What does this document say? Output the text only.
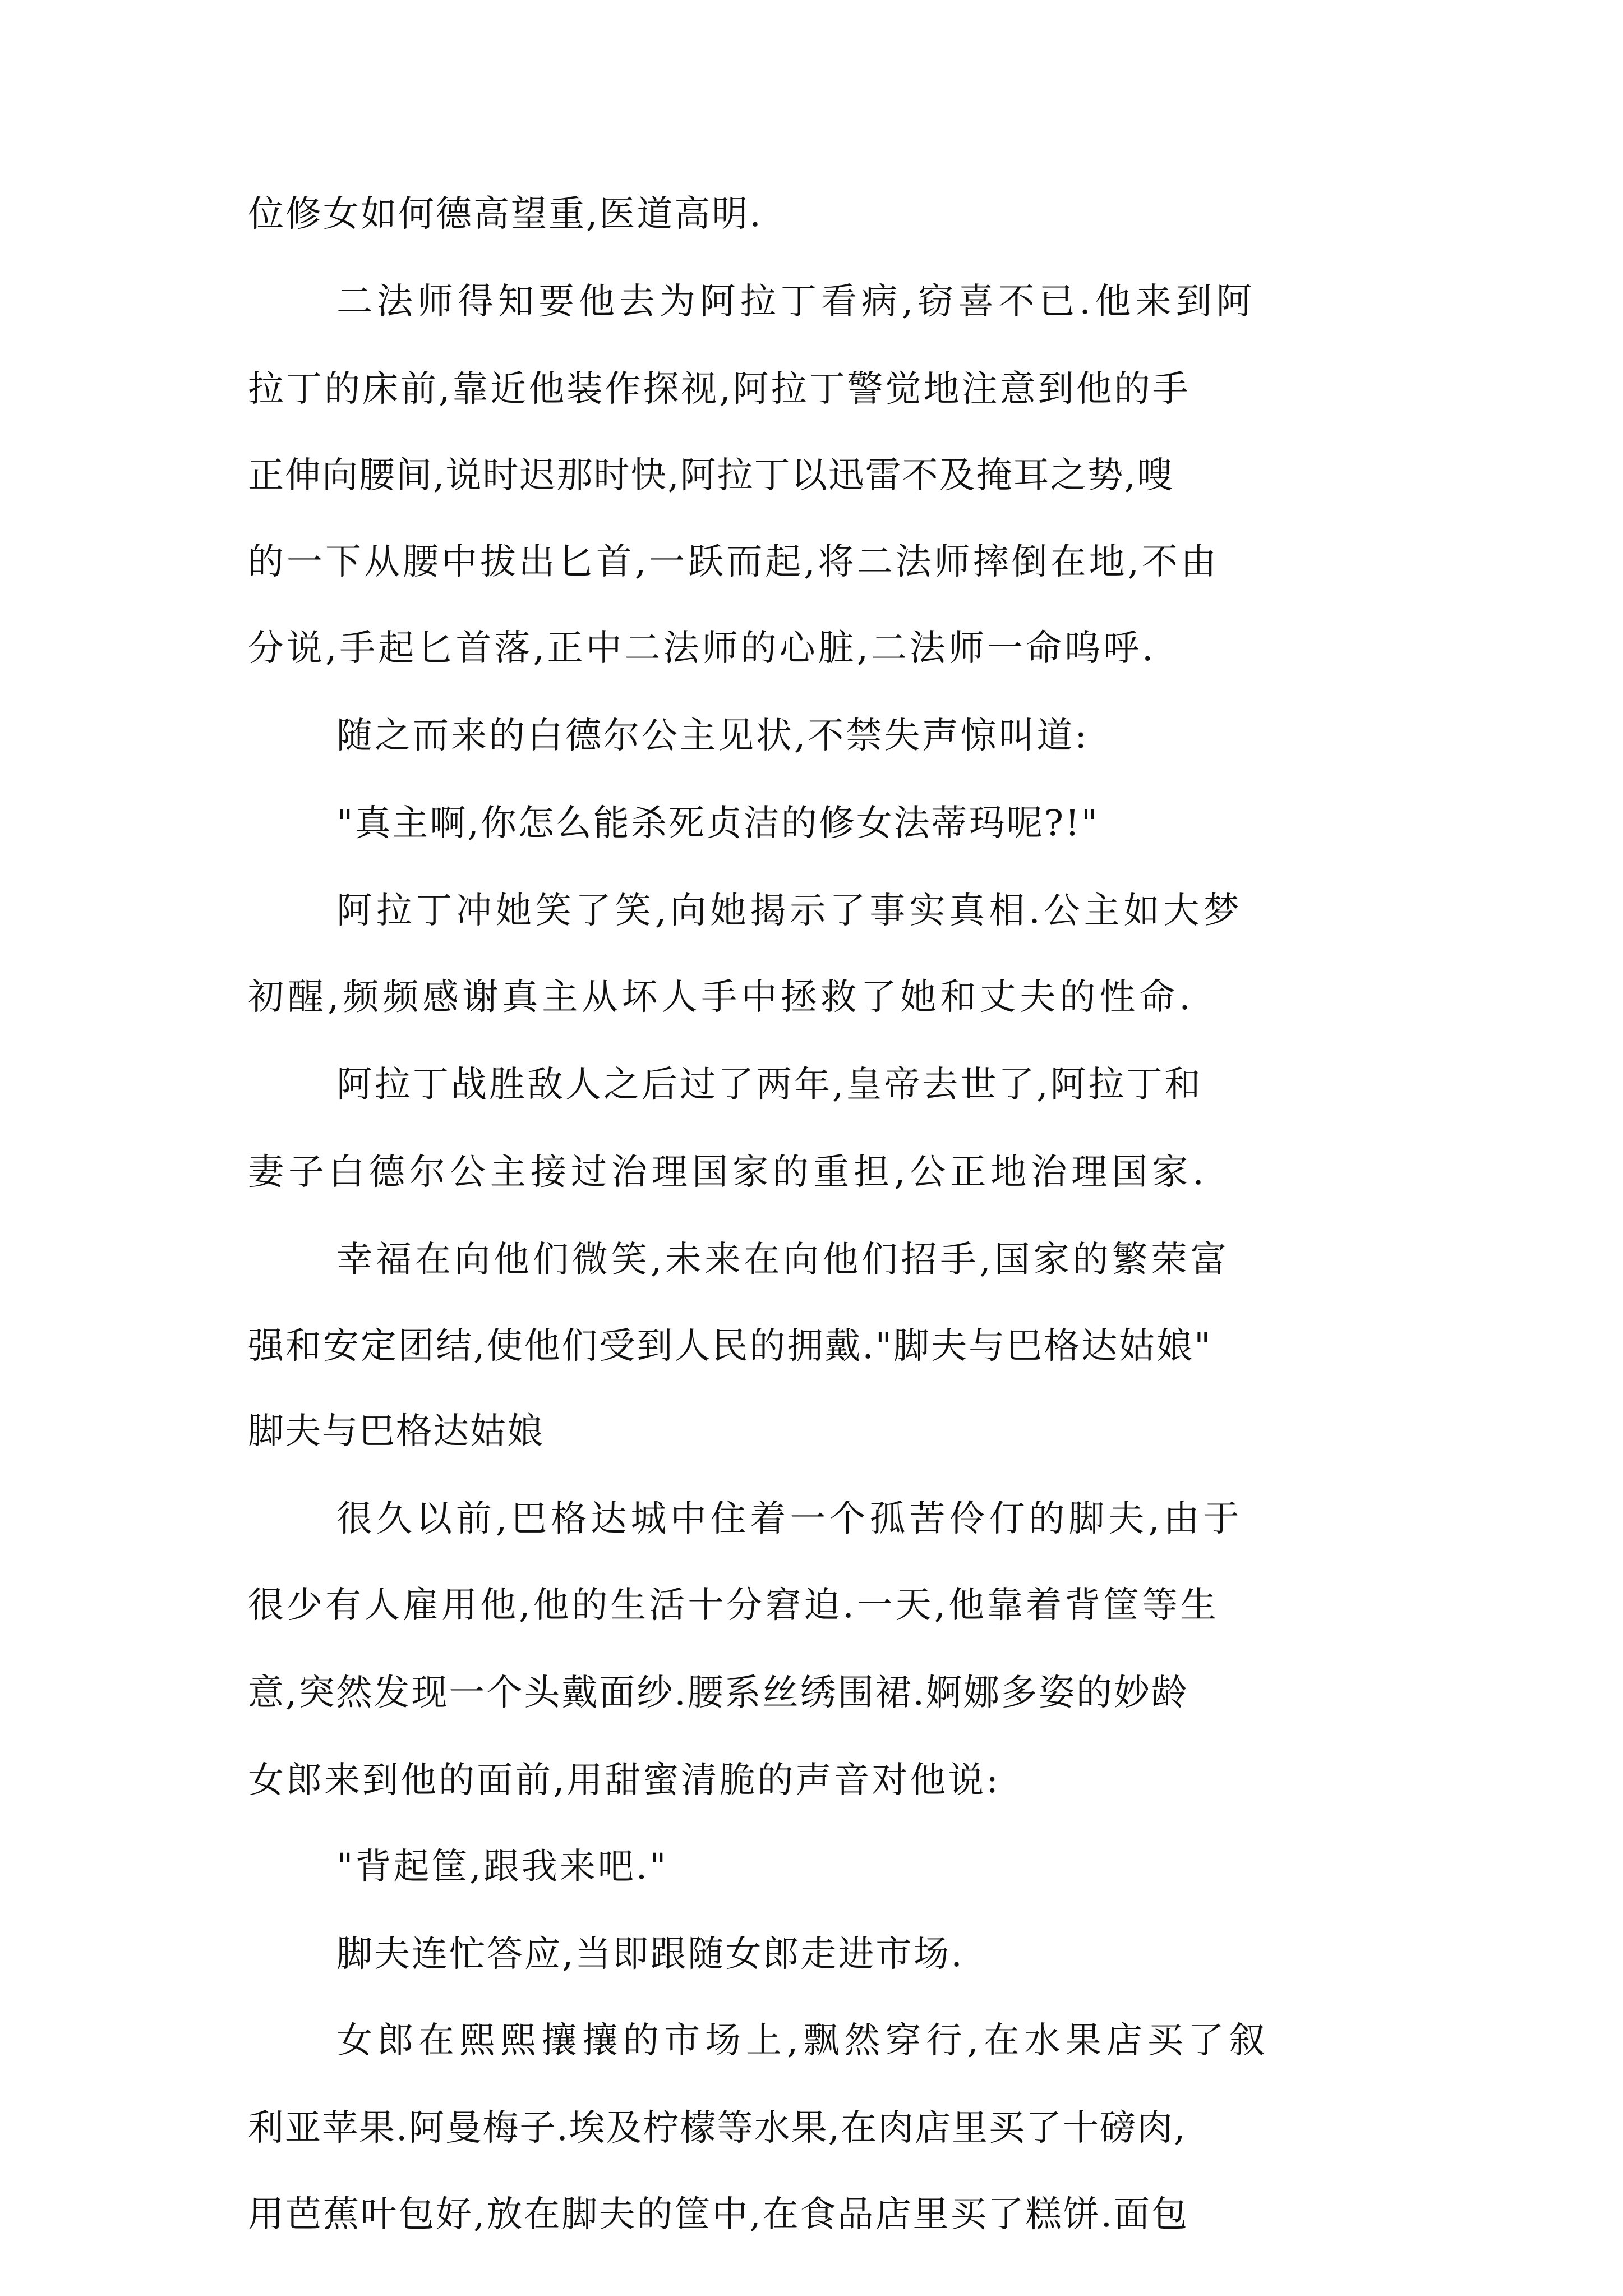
位修女如何德高望重,医道高明.
二法师得知要他去为阿拉丁看病,窃喜不已.他来到阿
拉丁的床前,靠近他装作探视,阿拉丁警觉地注意到他的手
正伸向腰间,说时迟那时快,阿拉丁以迅雷不及掩耳之势,嗖
的一下从腰中拔出匕首,一跃而起,将二法师摔倒在地,不由
分说,手起匕首落,正中二法师的心脏,二法师一命呜呼.
随之而来的白德尔公主见状,不禁失声惊叫道:
"真主啊,你怎么能杀死贞洁的修女法蒂玛呢?!"
阿拉丁冲她笑了笑,向她揭示了事实真相.公主如大梦
初醒,频频感谢真主从坏人手中拯救了她和丈夫的性命.
阿拉丁战胜敌人之后过了两年,皇帝去世了,阿拉丁和
妻子白德尔公主接过治理国家的重担,公正地治理国家.
幸福在向他们微笑,未来在向他们招手,国家的繁荣富
强和安定团结,使他们受到人民的拥戴."脚夫与巴格达姑娘"
脚夫与巴格达姑娘
很久以前,巴格达城中住着一个孤苦伶仃的脚夫,由于
很少有人雇用他,他的生活十分窘迫.一天,他靠着背筐等生
意,突然发现一个头戴面纱.腰系丝绣围裙.婀娜多姿的妙龄
女郎来到他的面前,用甜蜜清脆的声音对他说:
"背起筐,跟我来吧."
脚夫连忙答应,当即跟随女郎走进市场.
女郎在熙熙攘攘的市场上,飘然穿行,在水果店买了叙
利亚苹果.阿曼梅子.埃及柠檬等水果,在肉店里买了十磅肉,
用芭蕉叶包好,放在脚夫的筐中,在食品店里买了糕饼.面包
